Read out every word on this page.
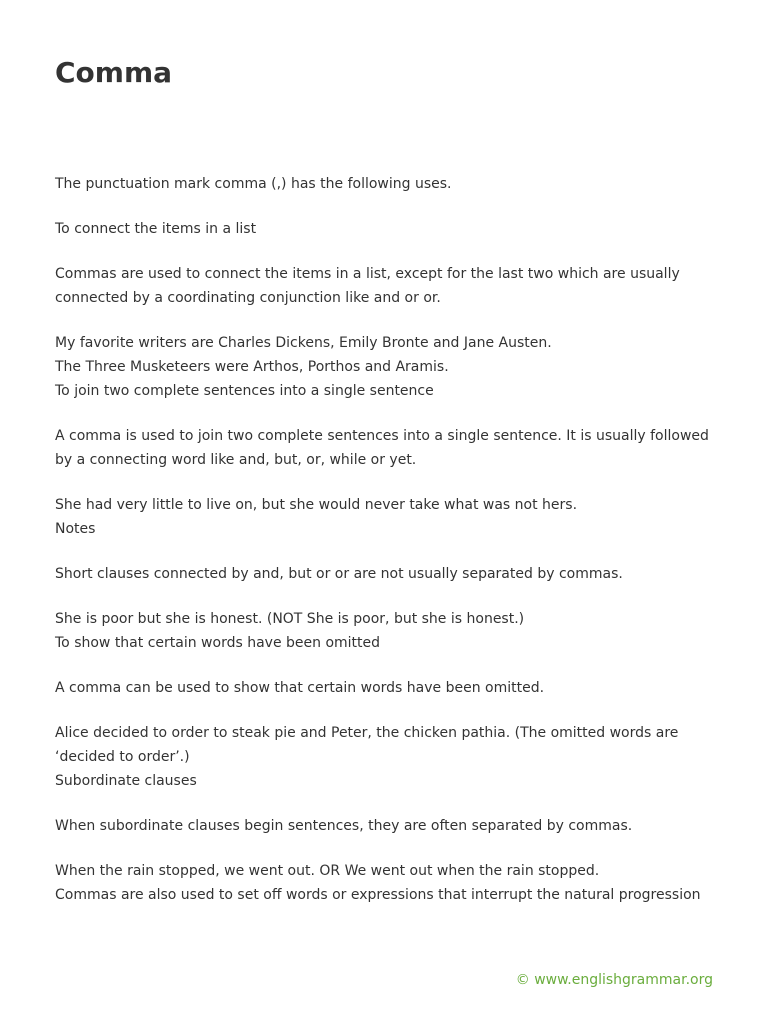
Comma

The punctuation mark comma (,) has the following uses.

To connect the items in a list

Commas are used to connect the items in a list, except for the last two which are usually
connected by a coordinating conjunction like and or or.

My favorite writers are Charles Dickens, Emily Bronte and Jane Austen.
The Three Musketeers were Arthos, Porthos and Aramis.
To join two complete sentences into a single sentence

A comma is used to join two complete sentences into a single sentence. It is usually followed
by a connecting word like and, but, or, while or yet.

She had very little to live on, but she would never take what was not hers.
Notes

Short clauses connected by and, but or or are not usually separated by commas.

She is poor but she is honest. (NOT She is poor, but she is honest.)
To show that certain words have been omitted

A comma can be used to show that certain words have been omitted.

Alice decided to order to steak pie and Peter, the chicken pathia. (The omitted words are
‘decided to order’.)
Subordinate clauses

When subordinate clauses begin sentences, they are often separated by commas.

When the rain stopped, we went out. OR We went out when the rain stopped.
Commas are also used to set off words or expressions that interrupt the natural progression

© www.englishgrammar.org
